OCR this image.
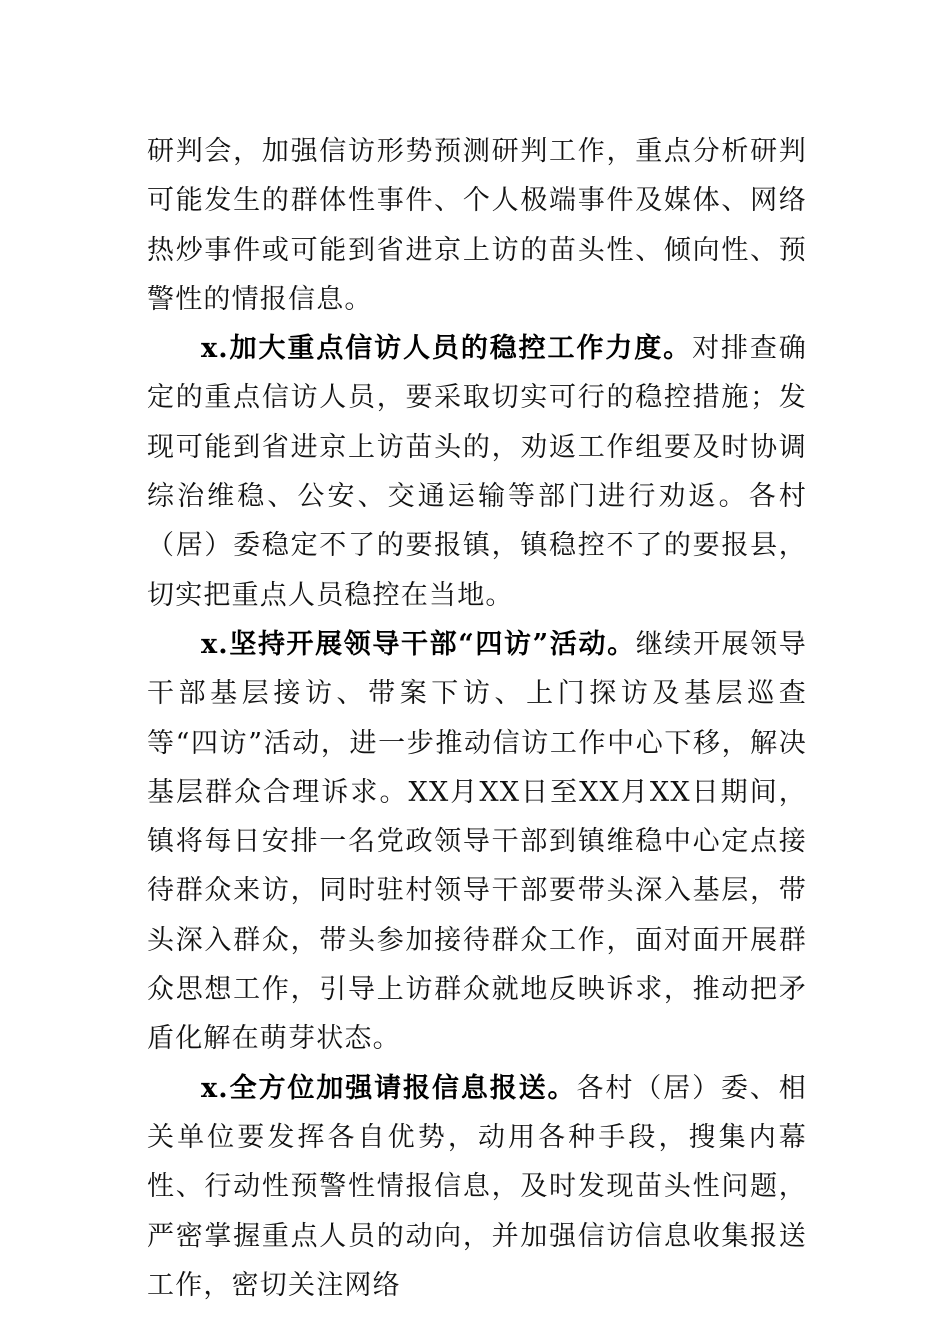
研判会，加强信访形势预测研判工作，重点分析研判可能发生的群体性事件、个人极端事件及媒体、网络热炒事件或可能到省进京上访的苗头性、倾向性、预警性的情报信息。

x.加大重点信访人员的稳控工作力度。对排查确定的重点信访人员，要采取切实可行的稳控措施；发现可能到省进京上访苗头的，劝返工作组要及时协调综治维稳、公安、交通运输等部门进行劝返。各村（居）委稳定不了的要报镇，镇稳控不了的要报县，切实把重点人员稳控在当地。

x.坚持开展领导干部“四访”活动。继续开展领导干部基层接访、带案下访、上门探访及基层巡查等“四访”活动，进一步推动信访工作中心下移，解决基层群众合理诉求。XX月XX日至XX月XX日期间，镇将每日安排一名党政领导干部到镇维稳中心定点接待群众来访，同时驻村领导干部要带头深入基层，带头深入群众，带头参加接待群众工作，面对面开展群众思想工作，引导上访群众就地反映诉求，推动把矛盾化解在萌芽状态。

x.全方位加强请报信息报送。各村（居）委、相关单位要发挥各自优势，动用各种手段，搜集内幕性、行动性预警性情报信息，及时发现苗头性问题，严密掌握重点人员的动向，并加强信访信息收集报送工作，密切关注网络
